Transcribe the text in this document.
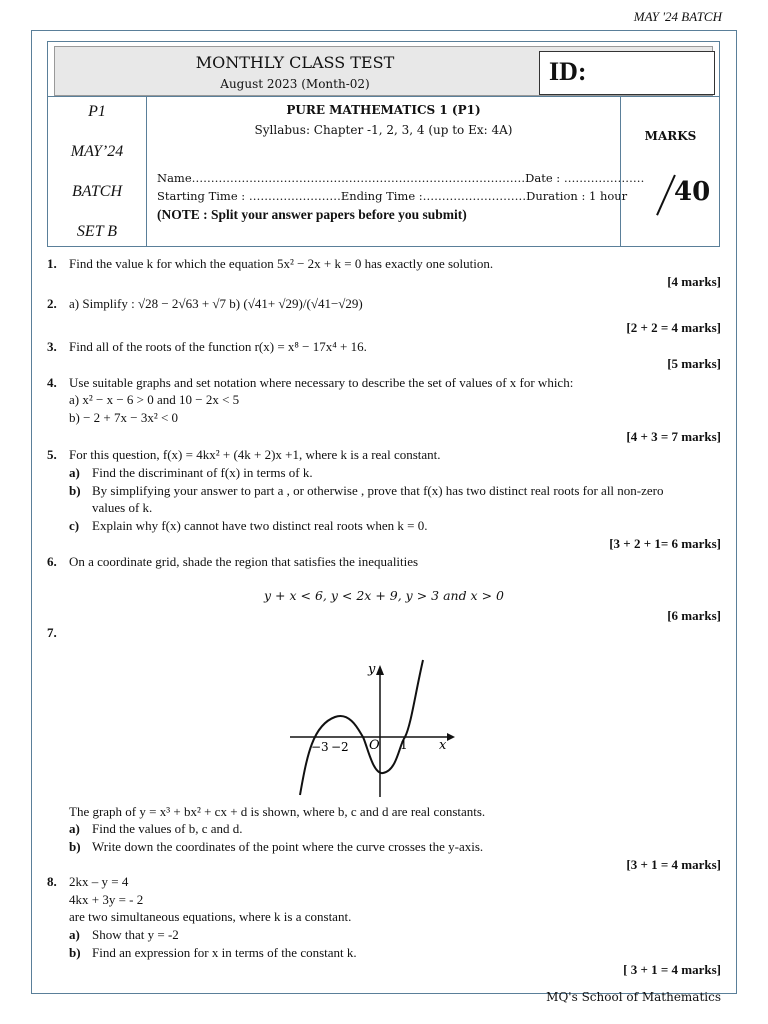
MAY '24 BATCH
MONTHLY CLASS TEST
August 2023 (Month-02)	ID:
P1
MAY’24
BATCH
SET B
PURE MATHEMATICS 1 (P1)
Syllabus: Chapter -1, 2, 3, 4 (up to Ex: 4A)
Name……………………………………………………………………………Date : …………………
Starting Time : ……………………Ending Time :………………………Duration : 1 hour
(NOTE : Split your answer papers before you submit)
MARKS
40
1. Find the value k for which the equation 5x² − 2x + k = 0 has exactly one solution.
[4 marks]
2. a) Simplify : √28 − 2√63 + √7 b) (√41+ √29)/(√41−√29)
[2 + 2 = 4 marks]
3. Find all of the roots of the function r(x) = x⁸ − 17x⁴ + 16.
[5 marks]
4. Use suitable graphs and set notation where necessary to describe the set of values of x for which:
a) x² − x − 6 > 0 and 10 − 2x < 5
b) − 2 + 7x − 3x² < 0
[4 + 3 = 7 marks]
5. For this question, f(x) = 4kx² + (4k + 2)x +1, where k is a real constant.
a) Find the discriminant of f(x) in terms of k.
b) By simplifying your answer to part a , or otherwise , prove that f(x) has two distinct real roots for all non-zero
values of k.
c) Explain why f(x) cannot have two distinct real roots when k = 0.
[3 + 2 + 1= 6 marks]
6. On a coordinate grid, shade the region that satisfies the inequalities
y + x < 6, y < 2x + 9, y > 3 and x > 0
[6 marks]
7.
y
x
O
−3 −2	1
The graph of y = x³ + bx² + cx + d is shown, where b, c and d are real constants.
a) Find the values of b, c and d.
b) Write down the coordinates of the point where the curve crosses the y-axis.
[3 + 1 = 4 marks]
8. 2kx – y = 4
4kx + 3y = - 2
are two simultaneous equations, where k is a constant.
a) Show that y = -2
b) Find an expression for x in terms of the constant k.
[ 3 + 1 = 4 marks]
MQ's School of Mathematics
